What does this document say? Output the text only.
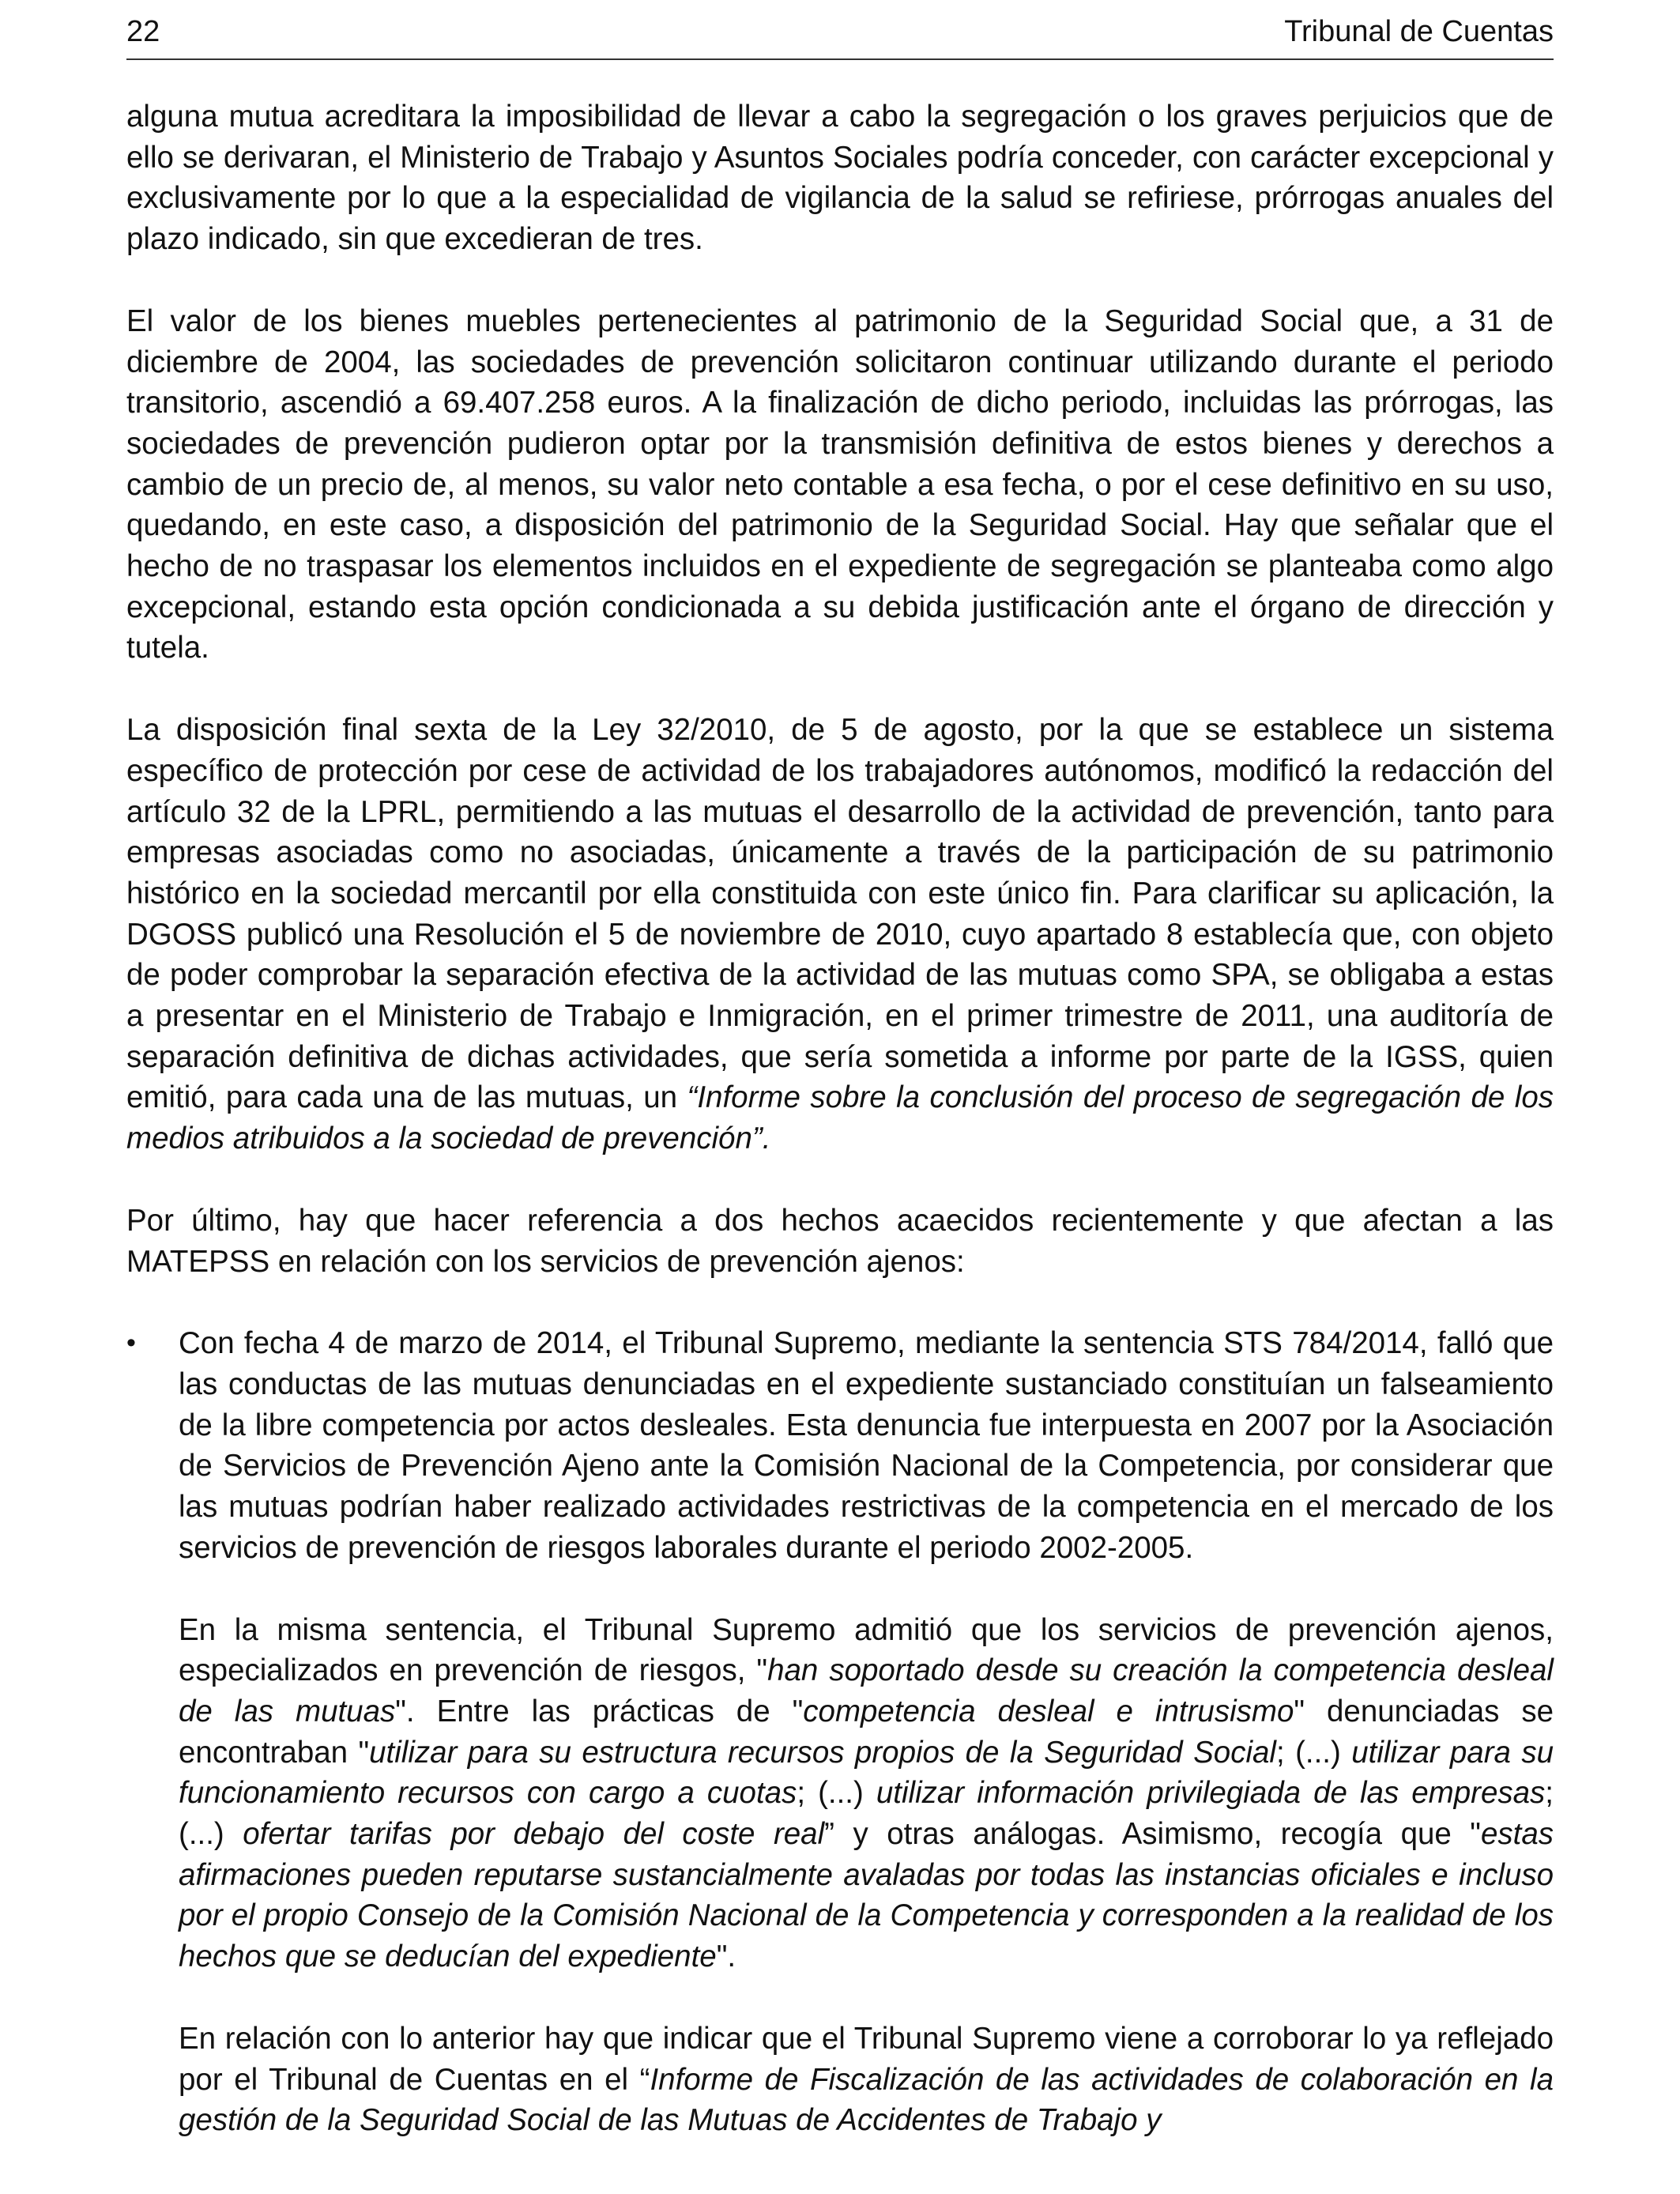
22	Tribunal de Cuentas

alguna mutua acreditara la imposibilidad de llevar a cabo la segregación o los graves perjuicios que de ello se derivaran, el Ministerio de Trabajo y Asuntos Sociales podría conceder, con carácter excepcional y exclusivamente por lo que a la especialidad de vigilancia de la salud se refiriese, prórrogas anuales del plazo indicado, sin que excedieran de tres.

El valor de los bienes muebles pertenecientes al patrimonio de la Seguridad Social que, a 31 de diciembre de 2004, las sociedades de prevención solicitaron continuar utilizando durante el periodo transitorio, ascendió a 69.407.258 euros. A la finalización de dicho periodo, incluidas las prórrogas, las sociedades de prevención pudieron optar por la transmisión definitiva de estos bienes y derechos a cambio de un precio de, al menos, su valor neto contable a esa fecha, o por el cese definitivo en su uso, quedando, en este caso, a disposición del patrimonio de la Seguridad Social. Hay que señalar que el hecho de no traspasar los elementos incluidos en el expediente de segregación se planteaba como algo excepcional, estando esta opción condicionada a su debida justificación ante el órgano de dirección y tutela.

La disposición final sexta de la Ley 32/2010, de 5 de agosto, por la que se establece un sistema específico de protección por cese de actividad de los trabajadores autónomos, modificó la redacción del artículo 32 de la LPRL, permitiendo a las mutuas el desarrollo de la actividad de prevención, tanto para empresas asociadas como no asociadas, únicamente a través de la participación de su patrimonio histórico en la sociedad mercantil por ella constituida con este único fin. Para clarificar su aplicación, la DGOSS publicó una Resolución el 5 de noviembre de 2010, cuyo apartado 8 establecía que, con objeto de poder comprobar la separación efectiva de la actividad de las mutuas como SPA, se obligaba a estas a presentar en el Ministerio de Trabajo e Inmigración, en el primer trimestre de 2011, una auditoría de separación definitiva de dichas actividades, que sería sometida a informe por parte de la IGSS, quien emitió, para cada una de las mutuas, un “Informe sobre la conclusión del proceso de segregación de los medios atribuidos a la sociedad de prevención”.

Por último, hay que hacer referencia a dos hechos acaecidos recientemente y que afectan a las MATEPSS en relación con los servicios de prevención ajenos:

•	Con fecha 4 de marzo de 2014, el Tribunal Supremo, mediante la sentencia STS 784/2014, falló que las conductas de las mutuas denunciadas en el expediente sustanciado constituían un falseamiento de la libre competencia por actos desleales. Esta denuncia fue interpuesta en 2007 por la Asociación de Servicios de Prevención Ajeno ante la Comisión Nacional de la Competencia, por considerar que las mutuas podrían haber realizado actividades restrictivas de la competencia en el mercado de los servicios de prevención de riesgos laborales durante el periodo 2002-2005.

En la misma sentencia, el Tribunal Supremo admitió que los servicios de prevención ajenos, especializados en prevención de riesgos, "han soportado desde su creación la competencia desleal de las mutuas". Entre las prácticas de "competencia desleal e intrusismo" denunciadas se encontraban "utilizar para su estructura recursos propios de la Seguridad Social; (...) utilizar para su funcionamiento recursos con cargo a cuotas; (...) utilizar información privilegiada de las empresas; (...) ofertar tarifas por debajo del coste real” y otras análogas. Asimismo, recogía que "estas afirmaciones pueden reputarse sustancialmente avaladas por todas las instancias oficiales e incluso por el propio Consejo de la Comisión Nacional de la Competencia y corresponden a la realidad de los hechos que se deducían del expediente".

En relación con lo anterior hay que indicar que el Tribunal Supremo viene a corroborar lo ya reflejado por el Tribunal de Cuentas en el “Informe de Fiscalización de las actividades de colaboración en la gestión de la Seguridad Social de las Mutuas de Accidentes de Trabajo y
